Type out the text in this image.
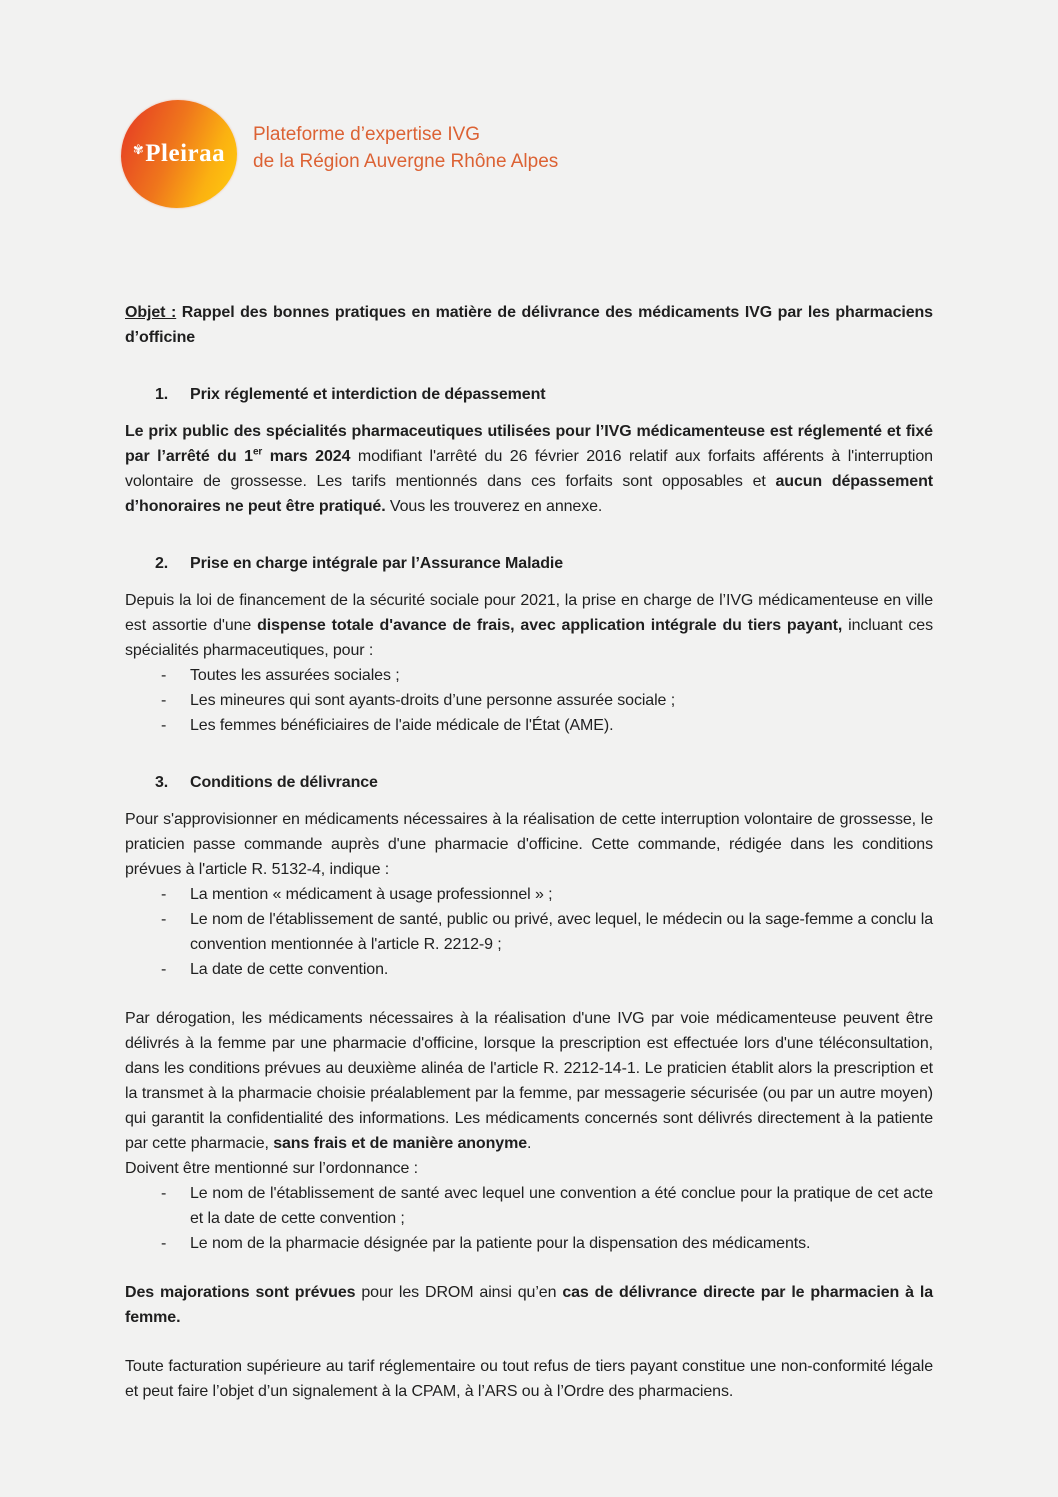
✾Pleiraa
Plateforme d’expertise IVG
de la Région Auvergne Rhône Alpes

Objet : Rappel des bonnes pratiques en matière de délivrance des médicaments IVG par les pharmaciens d’officine

1. Prix réglementé et interdiction de dépassement

Le prix public des spécialités pharmaceutiques utilisées pour l’IVG médicamenteuse est réglementé et fixé par l’arrêté du 1er mars 2024 modifiant l'arrêté du 26 février 2016 relatif aux forfaits afférents à l'interruption volontaire de grossesse. Les tarifs mentionnés dans ces forfaits sont opposables et aucun dépassement d’honoraires ne peut être pratiqué. Vous les trouverez en annexe.

2. Prise en charge intégrale par l’Assurance Maladie

Depuis la loi de financement de la sécurité sociale pour 2021, la prise en charge de l’IVG médicamenteuse en ville est assortie d'une dispense totale d'avance de frais, avec application intégrale du tiers payant, incluant ces spécialités pharmaceutiques, pour :

- Toutes les assurées sociales ;
- Les mineures qui sont ayants-droits d’une personne assurée sociale ;
- Les femmes bénéficiaires de l'aide médicale de l'État (AME).

3. Conditions de délivrance

Pour s'approvisionner en médicaments nécessaires à la réalisation de cette interruption volontaire de grossesse, le praticien passe commande auprès d'une pharmacie d'officine. Cette commande, rédigée dans les conditions prévues à l'article R. 5132-4, indique :

- La mention « médicament à usage professionnel » ;
- Le nom de l'établissement de santé, public ou privé, avec lequel, le médecin ou la sage-femme a conclu la convention mentionnée à l'article R. 2212-9 ;
- La date de cette convention.

Par dérogation, les médicaments nécessaires à la réalisation d'une IVG par voie médicamenteuse peuvent être délivrés à la femme par une pharmacie d'officine, lorsque la prescription est effectuée lors d'une téléconsultation, dans les conditions prévues au deuxième alinéa de l'article R. 2212-14-1. Le praticien établit alors la prescription et la transmet à la pharmacie choisie préalablement par la femme, par messagerie sécurisée (ou par un autre moyen) qui garantit la confidentialité des informations. Les médicaments concernés sont délivrés directement à la patiente par cette pharmacie, sans frais et de manière anonyme.

Doivent être mentionné sur l’ordonnance :

- Le nom de l'établissement de santé avec lequel une convention a été conclue pour la pratique de cet acte et la date de cette convention ;
- Le nom de la pharmacie désignée par la patiente pour la dispensation des médicaments.

Des majorations sont prévues pour les DROM ainsi qu’en cas de délivrance directe par le pharmacien à la femme.

Toute facturation supérieure au tarif réglementaire ou tout refus de tiers payant constitue une non-conformité légale et peut faire l’objet d’un signalement à la CPAM, à l’ARS ou à l’Ordre des pharmaciens.
